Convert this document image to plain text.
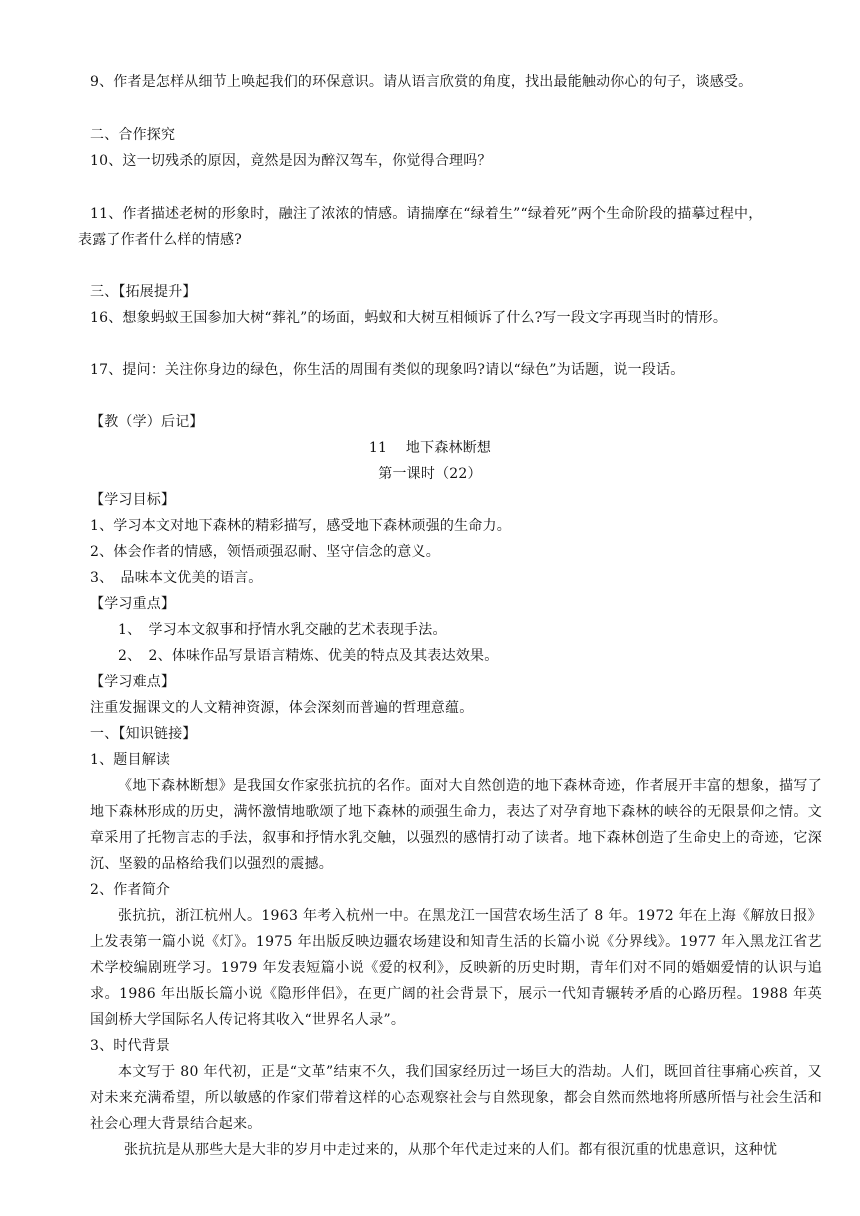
9、作者是怎样从细节上唤起我们的环保意识。请从语言欣赏的角度，找出最能触动你心的句子，谈感受。
二、合作探究
10、这一切残杀的原因，竟然是因为醉汉驾车，你觉得合理吗？
11、作者描述老树的形象时，融注了浓浓的情感。请揣摩在“绿着生”“绿着死”两个生命阶段的描摹过程中，
表露了作者什么样的情感?
三、【拓展提升】
16、想象蚂蚁王国参加大树“葬礼”的场面，蚂蚁和大树互相倾诉了什么?写一段文字再现当时的情形。
17、提问：关注你身边的绿色，你生活的周围有类似的现象吗?请以“绿色”为话题，说一段话。
【教（学）后记】
11　 地下森林断想
第一课时（22）
【学习目标】
1、学习本文对地下森林的精彩描写，感受地下森林顽强的生命力。
2、体会作者的情感，领悟顽强忍耐、坚守信念的意义。
3、　品味本文优美的语言。
【学习重点】
1、　学习本文叙事和抒情水乳交融的艺术表现手法。
2、　2、体味作品写景语言精炼、优美的特点及其表达效果。
【学习难点】
注重发掘课文的人文精神资源，体会深刻而普遍的哲理意蕴。
一、【知识链接】
1、题目解读
《地下森林断想》是我国女作家张抗抗的名作。面对大自然创造的地下森林奇迹，作者展开丰富的想象，描写了地下森林形成的历史，满怀激情地歌颂了地下森林的顽强生命力，表达了对孕育地下森林的峡谷的无限景仰之情。文章采用了托物言志的手法，叙事和抒情水乳交触，以强烈的感情打动了读者。地下森林创造了生命史上的奇迹，它深沉、坚毅的品格给我们以强烈的震撼。
2、作者简介
张抗抗，浙江杭州人。1963 年考入杭州一中。在黑龙江一国营农场生活了 8 年。1972 年在上海《解放日报》上发表第一篇小说《灯》。1975 年出版反映边疆农场建设和知青生活的长篇小说《分界线》。1977 年入黑龙江省艺术学校编剧班学习。1979 年发表短篇小说《爱的权利》，反映新的历史时期，青年们对不同的婚姻爱情的认识与追求。1986 年出版长篇小说《隐形伴侣》，在更广阔的社会背景下，展示一代知青辗转矛盾的心路历程。1988 年英国剑桥大学国际名人传记将其收入“世界名人录”。
3、时代背景
本文写于 80 年代初，正是“文革”结束不久，我们国家经历过一场巨大的浩劫。人们，既回首往事痛心疾首，又对未来充满希望，所以敏感的作家们带着这样的心态观察社会与自然现象，都会自然而然地将所感所悟与社会生活和社会心理大背景结合起来。
张抗抗是从那些大是大非的岁月中走过来的，从那个年代走过来的人们。都有很沉重的忧患意识，这种忧
